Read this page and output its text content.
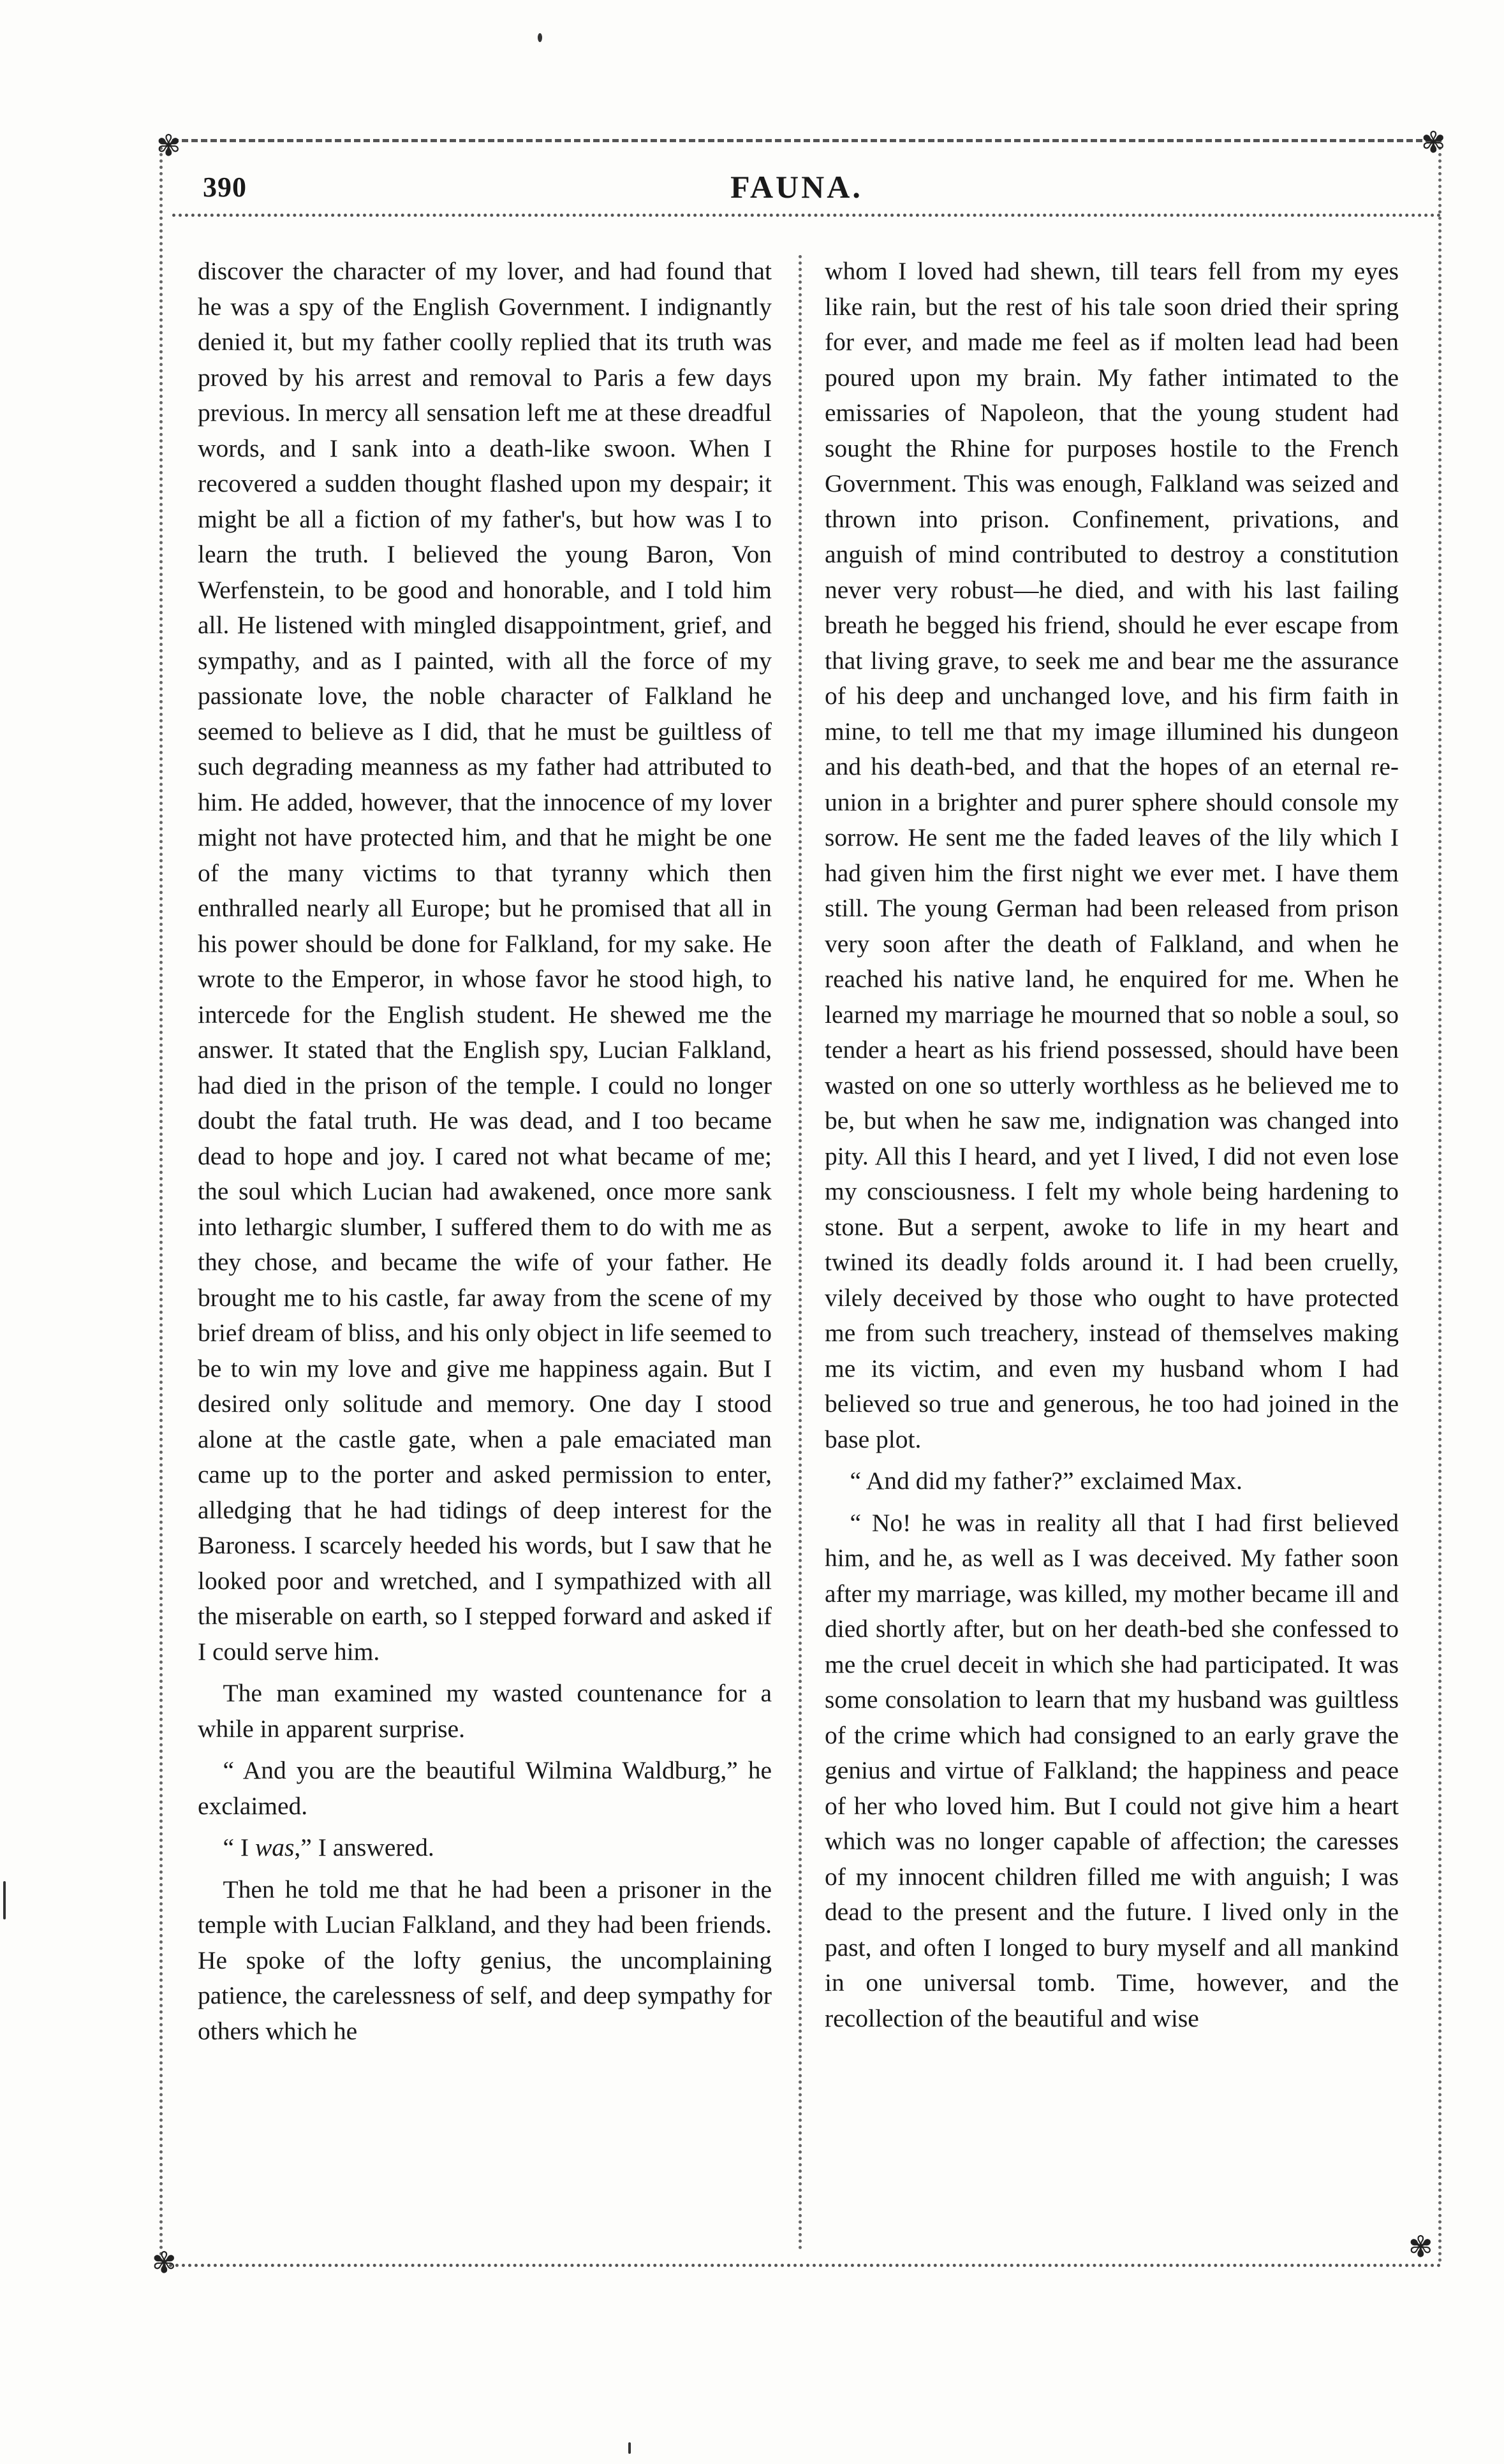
✾	✾
✾	✾
390	FAUNA.

discover the character of my lover, and had found that he was a spy of the English Government. I indignantly denied it, but my father coolly replied that its truth was proved by his arrest and removal to Paris a few days previous. In mercy all sensation left me at these dreadful words, and I sank into a death-like swoon. When I recovered a sudden thought flashed upon my despair; it might be all a fiction of my father's, but how was I to learn the truth. I believed the young Baron, Von Werfenstein, to be good and honorable, and I told him all. He listened with mingled disappointment, grief, and sympathy, and as I painted, with all the force of my passionate love, the noble character of Falkland he seemed to believe as I did, that he must be guiltless of such degrading meanness as my father had attributed to him. He added, however, that the innocence of my lover might not have protected him, and that he might be one of the many victims to that tyranny which then enthralled nearly all Europe; but he promised that all in his power should be done for Falkland, for my sake. He wrote to the Emperor, in whose favor he stood high, to intercede for the English student. He shewed me the answer. It stated that the English spy, Lucian Falkland, had died in the prison of the temple. I could no longer doubt the fatal truth. He was dead, and I too became dead to hope and joy. I cared not what became of me; the soul which Lucian had awakened, once more sank into lethargic slumber, I suffered them to do with me as they chose, and became the wife of your father. He brought me to his castle, far away from the scene of my brief dream of bliss, and his only object in life seemed to be to win my love and give me happiness again. But I desired only solitude and memory. One day I stood alone at the castle gate, when a pale emaciated man came up to the porter and asked permission to enter, alledging that he had tidings of deep interest for the Baroness. I scarcely heeded his words, but I saw that he looked poor and wretched, and I sympathized with all the miserable on earth, so I stepped forward and asked if I could serve him.

The man examined my wasted countenance for a while in apparent surprise.

“ And you are the beautiful Wilmina Waldburg,” he exclaimed.

“ I was,” I answered.

Then he told me that he had been a prisoner in the temple with Lucian Falkland, and they had been friends. He spoke of the lofty genius, the uncomplaining patience, the carelessness of self, and deep sympathy for others which he

whom I loved had shewn, till tears fell from my eyes like rain, but the rest of his tale soon dried their spring for ever, and made me feel as if molten lead had been poured upon my brain. My father intimated to the emissaries of Napoleon, that the young student had sought the Rhine for purposes hostile to the French Government. This was enough, Falkland was seized and thrown into prison. Confinement, privations, and anguish of mind contributed to destroy a constitution never very robust—he died, and with his last failing breath he begged his friend, should he ever escape from that living grave, to seek me and bear me the assurance of his deep and unchanged love, and his firm faith in mine, to tell me that my image illumined his dungeon and his death-bed, and that the hopes of an eternal re-union in a brighter and purer sphere should console my sorrow. He sent me the faded leaves of the lily which I had given him the first night we ever met. I have them still. The young German had been released from prison very soon after the death of Falkland, and when he reached his native land, he enquired for me. When he learned my marriage he mourned that so noble a soul, so tender a heart as his friend possessed, should have been wasted on one so utterly worthless as he believed me to be, but when he saw me, indignation was changed into pity. All this I heard, and yet I lived, I did not even lose my consciousness. I felt my whole being hardening to stone. But a serpent, awoke to life in my heart and twined its deadly folds around it. I had been cruelly, vilely deceived by those who ought to have protected me from such treachery, instead of themselves making me its victim, and even my husband whom I had believed so true and generous, he too had joined in the base plot.

“ And did my father?” exclaimed Max.

“ No! he was in reality all that I had first believed him, and he, as well as I was deceived. My father soon after my marriage, was killed, my mother became ill and died shortly after, but on her death-bed she confessed to me the cruel deceit in which she had participated. It was some consolation to learn that my husband was guiltless of the crime which had consigned to an early grave the genius and virtue of Falkland; the happiness and peace of her who loved him. But I could not give him a heart which was no longer capable of affection; the caresses of my innocent children filled me with anguish; I was dead to the present and the future. I lived only in the past, and often I longed to bury myself and all mankind in one universal tomb. Time, however, and the recollection of the beautiful and wise
